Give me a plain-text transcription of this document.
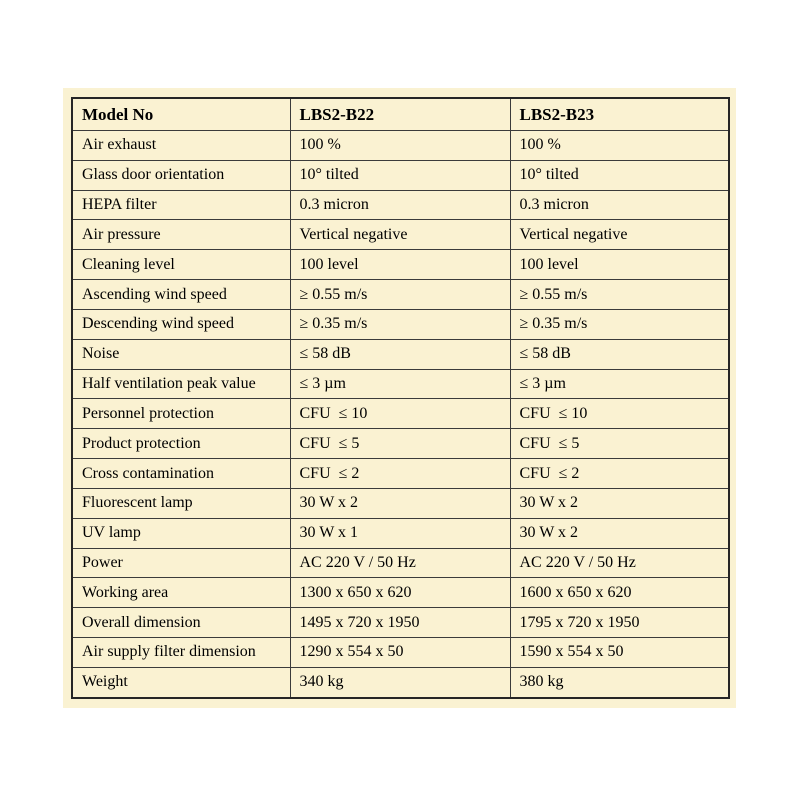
Model No	LBS2-B22	LBS2-B23
Air exhaust	100 %	100 %
Glass door orientation	10° tilted	10° tilted
HEPA filter	0.3 micron	0.3 micron
Air pressure	Vertical negative	Vertical negative
Cleaning level	100 level	100 level
Ascending wind speed	≥ 0.55 m/s	≥ 0.55 m/s
Descending wind speed	≥ 0.35 m/s	≥ 0.35 m/s
Noise	≤ 58 dB	≤ 58 dB
Half ventilation peak value	≤ 3 µm	≤ 3 µm
Personnel protection	CFU  ≤ 10	CFU  ≤ 10
Product protection	CFU  ≤ 5	CFU  ≤ 5
Cross contamination	CFU  ≤ 2	CFU  ≤ 2
Fluorescent lamp	30 W x 2	30 W x 2
UV lamp	30 W x 1	30 W x 2
Power	AC 220 V / 50 Hz	AC 220 V / 50 Hz
Working area	1300 x 650 x 620	1600 x 650 x 620
Overall dimension	1495 x 720 x 1950	1795 x 720 x 1950
Air supply filter dimension	1290 x 554 x 50	1590 x 554 x 50
Weight	340 kg	380 kg
